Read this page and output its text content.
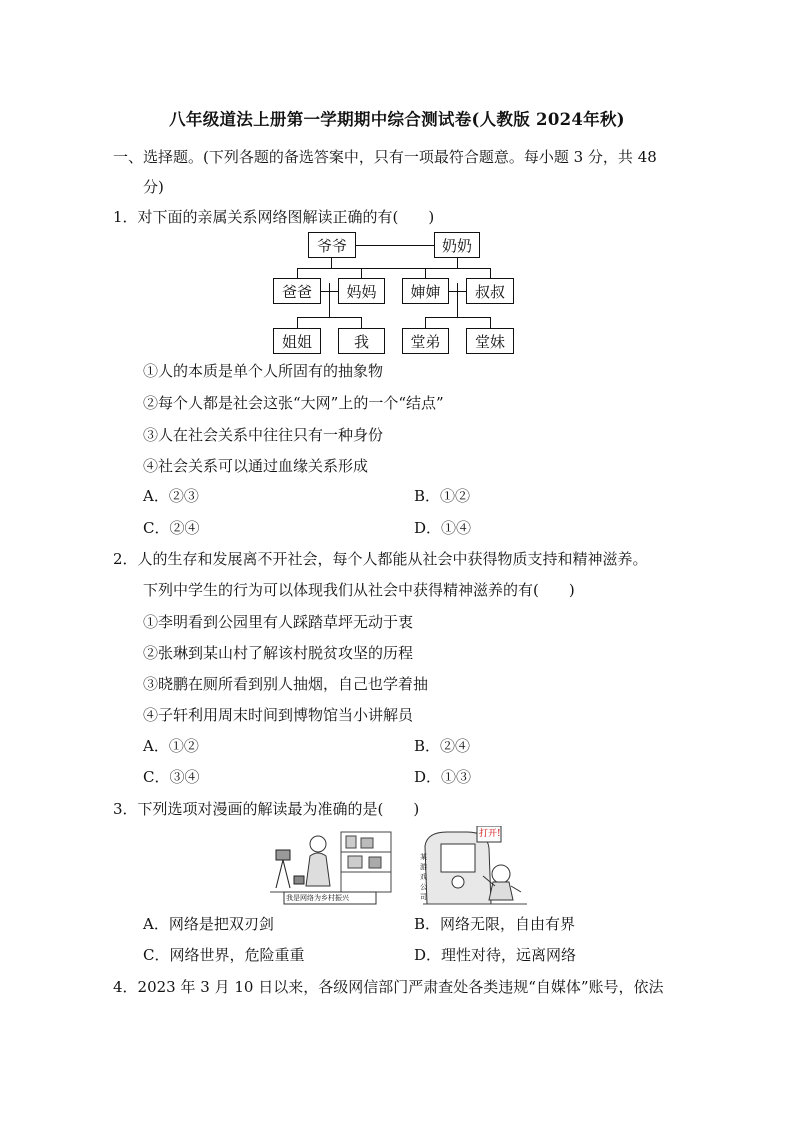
八年级道法上册第一学期期中综合测试卷(人教版 2024年秋)
一、选择题。(下列各题的备选答案中，只有一项最符合题意。每小题 3 分，共 48
分)
1．对下面的亲属关系网络图解读正确的有(　　)
爷爷	奶奶
爸爸	妈妈	婶婶	叔叔
姐姐	我	堂弟	堂妹
①人的本质是单个人所固有的抽象物
②每个人都是社会这张“大网”上的一个“结点”
③人在社会关系中往往只有一种身份
④社会关系可以通过血缘关系形成
A．②③	B．①②
C．②④	D．①④
2．人的生存和发展离不开社会，每个人都能从社会中获得物质支持和精神滋养。
下列中学生的行为可以体现我们从社会中获得精神滋养的有(　　)
①李明看到公园里有人踩踏草坪无动于衷
②张琳到某山村了解该村脱贫攻坚的历程
③晓鹏在厕所看到别人抽烟，自己也学着抽
④子轩利用周末时间到博物馆当小讲解员
A．①②	B．②④
C．③④	D．①③
3．下列选项对漫画的解读最为准确的是(　　)
我是网络为乡村振兴
打开!
某游戏公司
A．网络是把双刃剑	B．网络无限，自由有界
C．网络世界，危险重重	D．理性对待，远离网络
4．2023 年 3 月 10 日以来，各级网信部门严肃查处各类违规“自媒体”账号，依法
